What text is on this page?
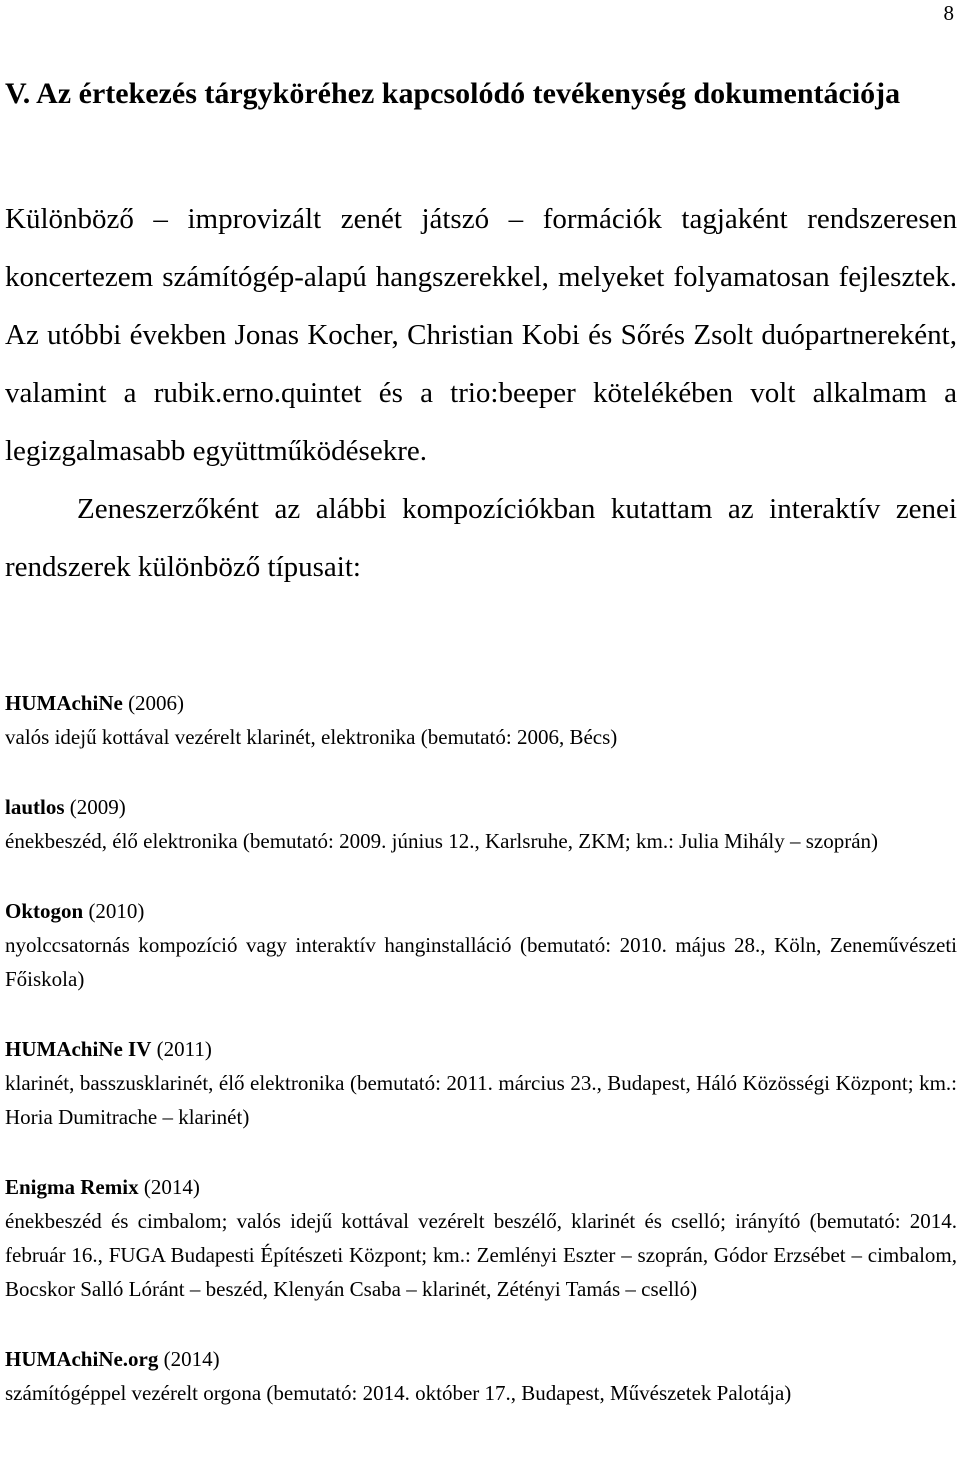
8
V. Az értekezés tárgyköréhez kapcsolódó tevékenység dokumentációja

Különböző – improvizált zenét játszó – formációk tagjaként rendszeresen koncertezem számítógép-alapú hangszerekkel, melyeket folyamatosan fejlesztek. Az utóbbi években Jonas Kocher, Christian Kobi és Sőrés Zsolt duópartnereként, valamint a rubik.erno.quintet és a trio:beeper kötelékében volt alkalmam a legizgalmasabb együttműködésekre.

Zeneszerzőként az alábbi kompozíciókban kutattam az interaktív zenei rendszerek különböző típusait:

HUMAchiNe (2006)

valós idejű kottával vezérelt klarinét, elektronika (bemutató: 2006, Bécs)

lautlos (2009)

énekbeszéd, élő elektronika (bemutató: 2009. június 12., Karlsruhe, ZKM; km.: Julia Mihály – szoprán)

Oktogon (2010)

nyolccsatornás kompozíció vagy interaktív hanginstalláció (bemutató: 2010. május 28., Köln, Zeneművészeti Főiskola)

HUMAchiNe IV (2011)

klarinét, basszusklarinét, élő elektronika (bemutató: 2011. március 23., Budapest, Háló Közösségi Központ; km.: Horia Dumitrache – klarinét)

Enigma Remix (2014)

énekbeszéd és cimbalom; valós idejű kottával vezérelt beszélő, klarinét és cselló; irányító (bemutató: 2014. február 16., FUGA Budapesti Építészeti Központ; km.: Zemlényi Eszter – szoprán, Gódor Erzsébet – cimbalom, Bocskor Salló Lóránt – beszéd, Klenyán Csaba – klarinét, Zétényi Tamás – cselló)

HUMAchiNe.org (2014)

számítógéppel vezérelt orgona (bemutató: 2014. október 17., Budapest, Művészetek Palotája)
